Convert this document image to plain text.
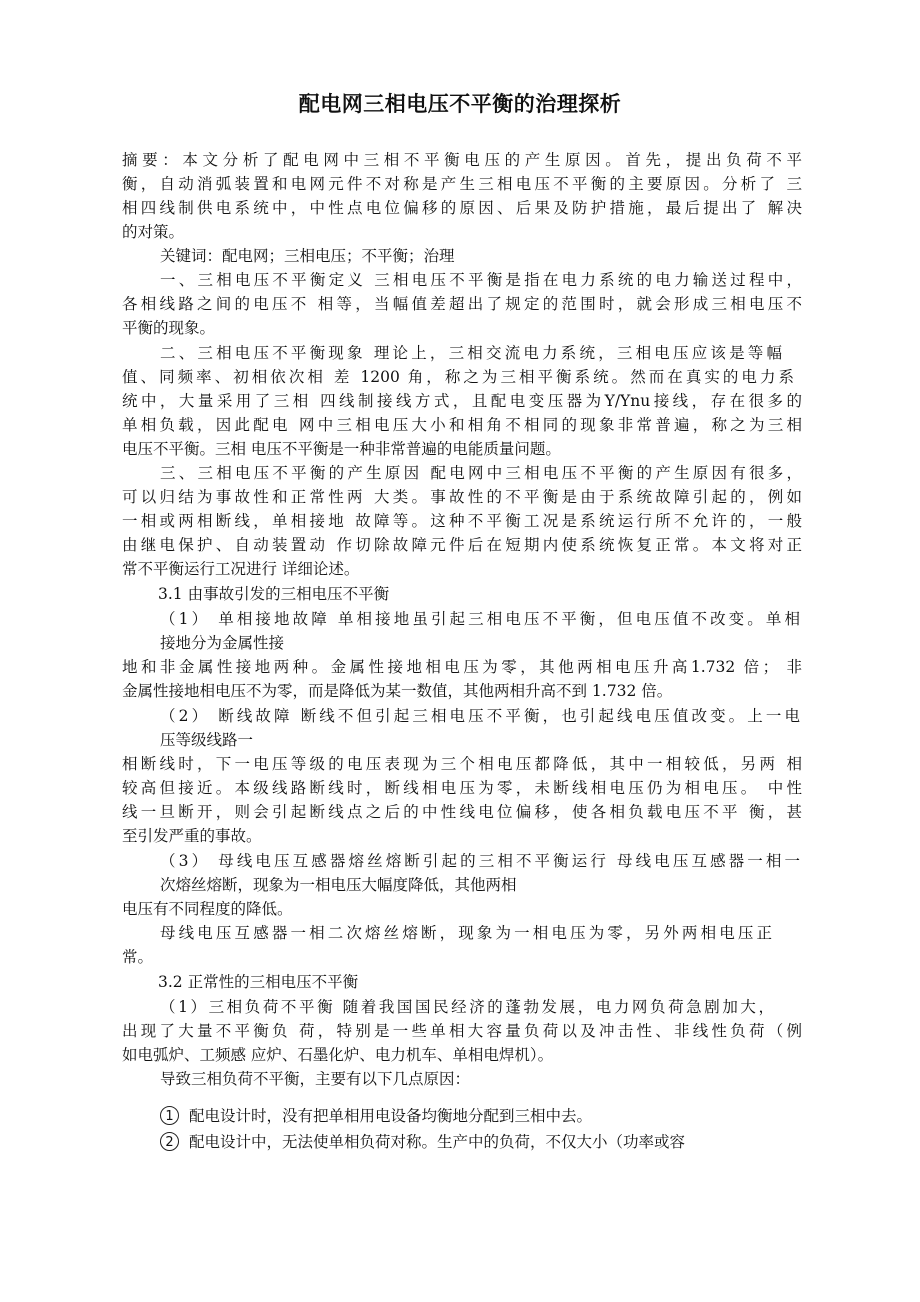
配电网三相电压不平衡的治理探析
摘要：本文分析了配电网中三相不平衡电压的产生原因。首先，提出负荷不平
衡，自动消弧装置和电网元件不对称是产生三相电压不平衡的主要原因。分析了 三
相四线制供电系统中，中性点电位偏移的原因、后果及防护措施，最后提出了 解决
的对策。
关键词：配电网；三相电压；不平衡；治理
一、三相电压不平衡定义 三相电压不平衡是指在电力系统的电力输送过程中，
各相线路之间的电压不 相等，当幅值差超出了规定的范围时，就会形成三相电压不
平衡的现象。
二、三相电压不平衡现象 理论上，三相交流电力系统，三相电压应该是等幅
值、同频率、初相依次相 差 1200 角，称之为三相平衡系统。然而在真实的电力系
统中，大量采用了三相 四线制接线方式，且配电变压器为Y/Ynu接线，存在很多的
单相负载，因此配电 网中三相电压大小和相角不相同的现象非常普遍，称之为三相
电压不平衡。三相 电压不平衡是一种非常普遍的电能质量问题。
三、三相电压不平衡的产生原因 配电网中三相电压不平衡的产生原因有很多，
可以归结为事故性和正常性两 大类。事故性的不平衡是由于系统故障引起的，例如
一相或两相断线，单相接地 故障等。这种不平衡工况是系统运行所不允许的，一般
由继电保护、自动装置动 作切除故障元件后在短期内使系统恢复正常。本文将对正
常不平衡运行工况进行 详细论述。
3.1 由事故引发的三相电压不平衡
（1） 单相接地故障 单相接地虽引起三相电压不平衡，但电压值不改变。单相
接地分为金属性接
地和非金属性接地两种。金属性接地相电压为零，其他两相电压升高1.732 倍； 非
金属性接地相电压不为零，而是降低为某一数值，其他两相升高不到 1.732 倍。
（2） 断线故障 断线不但引起三相电压不平衡，也引起线电压值改变。上一电
压等级线路一
相断线时，下一电压等级的电压表现为三个相电压都降低，其中一相较低，另两 相
较高但接近。本级线路断线时，断线相电压为零，未断线相电压仍为相电压。 中性
线一旦断开，则会引起断线点之后的中性线电位偏移，使各相负载电压不平 衡，甚
至引发严重的事故。
（3） 母线电压互感器熔丝熔断引起的三相不平衡运行 母线电压互感器一相一
次熔丝熔断，现象为一相电压大幅度降低，其他两相
电压有不同程度的降低。
母线电压互感器一相二次熔丝熔断，现象为一相电压为零，另外两相电压正
常。
3.2 正常性的三相电压不平衡
（1）三相负荷不平衡 随着我国国民经济的蓬勃发展，电力网负荷急剧加大，
出现了大量不平衡负 荷，特别是一些单相大容量负荷以及冲击性、非线性负荷（例
如电弧炉、工频感 应炉、石墨化炉、电力机车、单相电焊机）。
导致三相负荷不平衡，主要有以下几点原因：
1 配电设计时，没有把单相用电设备均衡地分配到三相中去。
2 配电设计中，无法使单相负荷对称。生产中的负荷，不仅大小（功率或容
